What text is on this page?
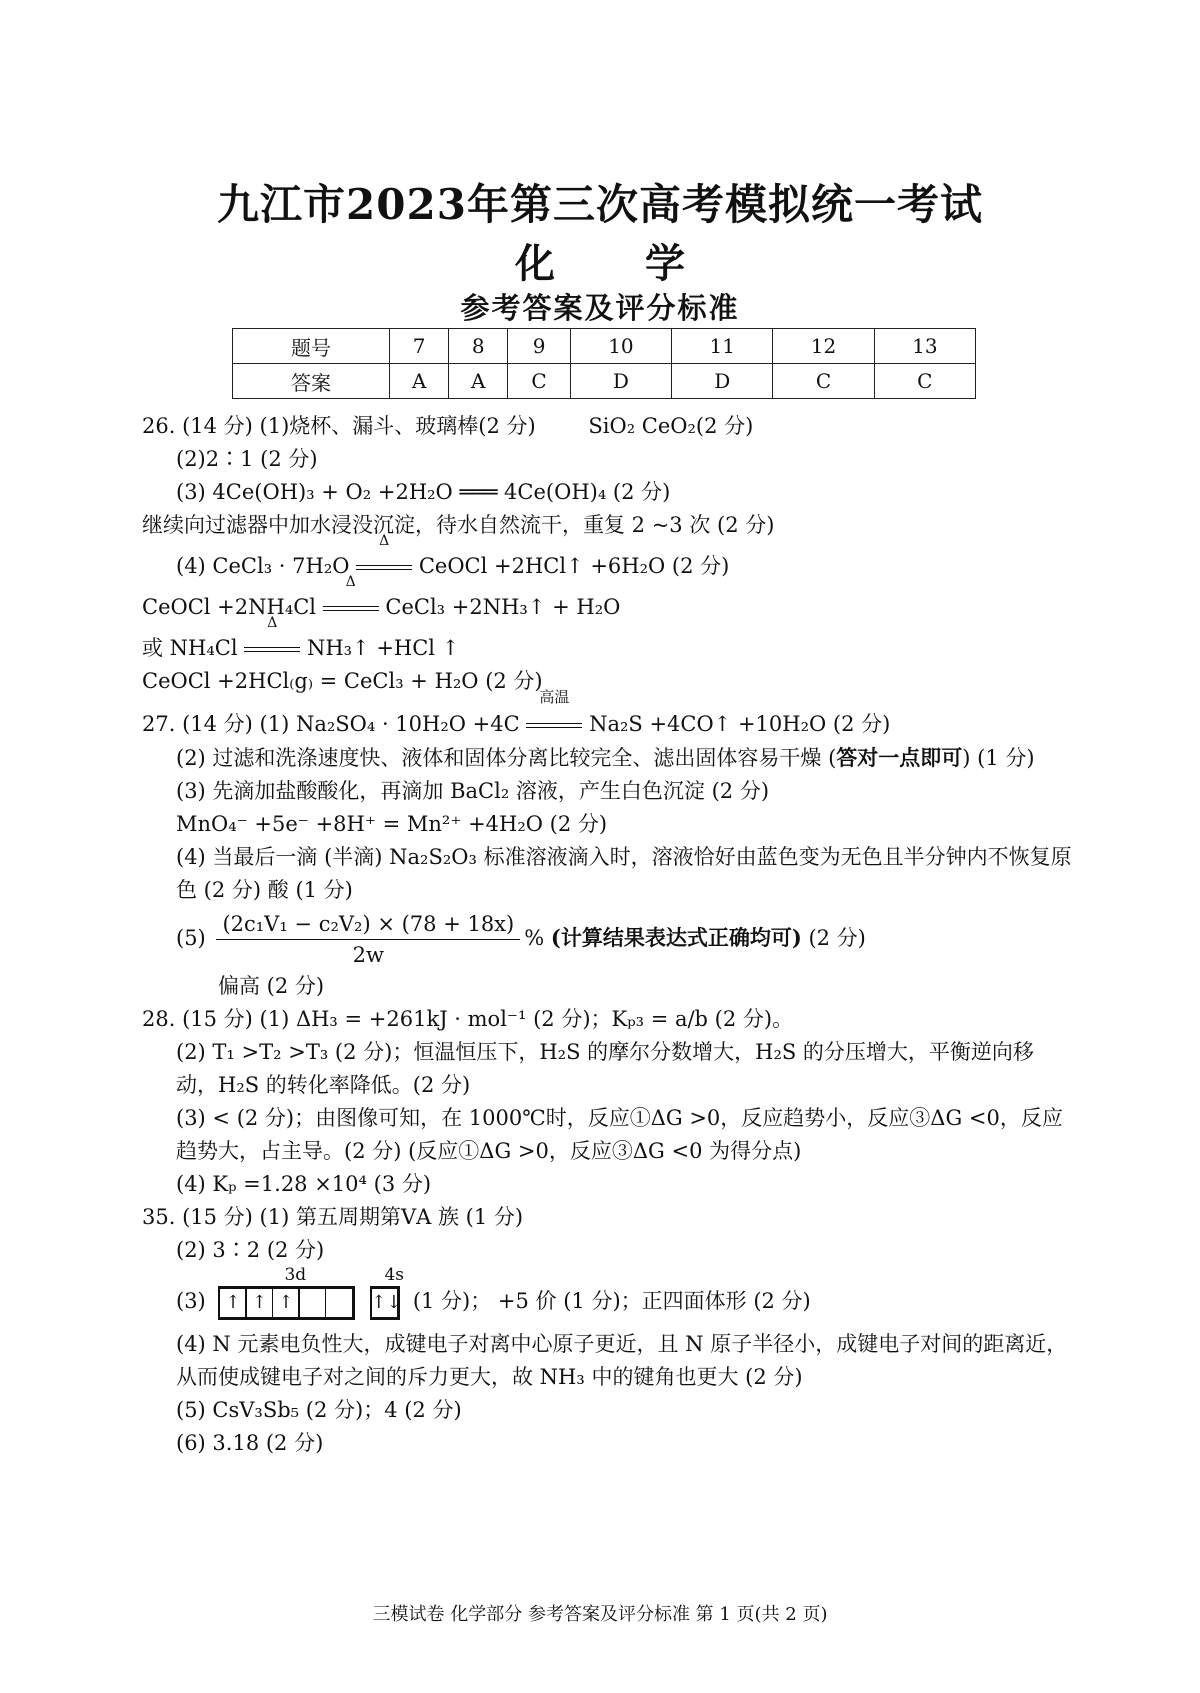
九江市2023年第三次高考模拟统一考试
化学
参考答案及评分标准
题号	7	8	9	10	11	12	13
答案	A	A	C	D	D	C	C
26. (14 分) (1)烧杯、漏斗、玻璃棒(2 分)	SiO₂ CeO₂(2 分)
(2)2∶1 (2 分)
(3) 4Ce(OH)₃ + O₂ +2H₂O ═══ 4Ce(OH)₄ (2 分)
继续向过滤器中加水浸没沉淀，待水自然流干，重复 2 ~3 次 (2 分)
(4) CeCl₃ · 7H₂O
Δ
CeOCl +2HCl↑ +6H₂O (2 分)
CeOCl +2NH₄Cl
Δ
CeCl₃ +2NH₃↑ + H₂O
或 NH₄Cl
Δ
NH₃↑ +HCl ↑
CeOCl +2HCl₍g₎ = CeCl₃ + H₂O (2 分)
27. (14 分) (1) Na₂SO₄ · 10H₂O +4C
高温
Na₂S +4CO↑ +10H₂O (2 分)
(2) 过滤和洗涤速度快、液体和固体分离比较完全、滤出固体容易干燥 (答对一点即可) (1 分)
(3) 先滴加盐酸酸化，再滴加 BaCl₂ 溶液，产生白色沉淀 (2 分)
MnO₄⁻ +5e⁻ +8H⁺ = Mn²⁺ +4H₂O (2 分)
(4) 当最后一滴 (半滴) Na₂S₂O₃ 标准溶液滴入时，溶液恰好由蓝色变为无色且半分钟内不恢复原色 (2 分) 酸 (1 分)
$(5) \frac{\text{(2c₁V₁ − c₂V₂) × (78 + 18x)}}{2w}$ % (计算结果表达式正确均可) (2 分)
偏高 (2 分)
28. (15 分) (1) ΔH₃ = +261kJ · mol⁻¹ (2 分)；Kₚ₃ = a/b (2 分)。
(2) T₁ >T₂ >T₃ (2 分)；恒温恒压下，H₂S 的摩尔分数增大，H₂S 的分压增大，平衡逆向移动，H₂S 的转化率降低。(2 分)
(3) < (2 分)；由图像可知，在 1000℃时，反应①ΔG >0，反应趋势小，反应③ΔG <0，反应趋势大，占主导。(2 分) (反应①ΔG >0，反应③ΔG <0 为得分点)
(4) Kₚ =1.28 ×10⁴ (3 分)
35. (15 分) (1) 第五周期第ⅤA 族 (1 分)
(2) 3∶2 (2 分)
(3)
3d	4s
↑ ↑ ↑	↑↓ (1 分)； +5 价 (1 分)；正四面体形 (2 分)
(4) N 元素电负性大，成键电子对离中心原子更近，且 N 原子半径小，成键电子对间的距离近，从而使成键电子对之间的斥力更大，故 NH₃ 中的键角也更大 (2 分)
(5) CsV₃Sb₅ (2 分)；4 (2 分)
(6) 3.18 (2 分)
三模试卷 化学部分 参考答案及评分标准 第 1 页(共 2 页)
